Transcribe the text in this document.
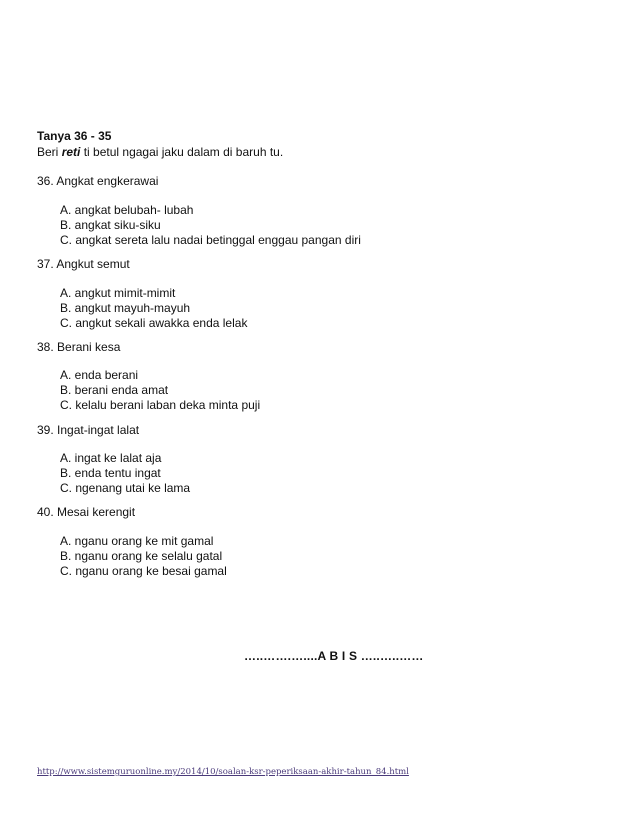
Tanya 36 - 35
Beri reti ti betul ngagai jaku dalam di baruh tu.
36. Angkat engkerawai
A. angkat belubah- lubah
B. angkat siku-siku
C. angkat sereta lalu nadai betinggal enggau pangan diri
37. Angkut semut
A. angkut mimit-mimit
B. angkut mayuh-mayuh
C. angkut sekali awakka enda lelak
38. Berani kesa
A. enda berani
B. berani enda amat
C. kelalu berani laban deka minta puji
39. Ingat-ingat lalat
A. ingat ke lalat aja
B. enda tentu ingat
C. ngenang utai ke lama
40. Mesai kerengit
A. nganu orang ke mit gamal
B. nganu orang ke selalu gatal
C. nganu orang ke besai gamal
…..…….…....A B I S …..…..……
http://www.sistemguruonline.my/2014/10/soalan-ksr-peperiksaan-akhir-tahun_84.html
